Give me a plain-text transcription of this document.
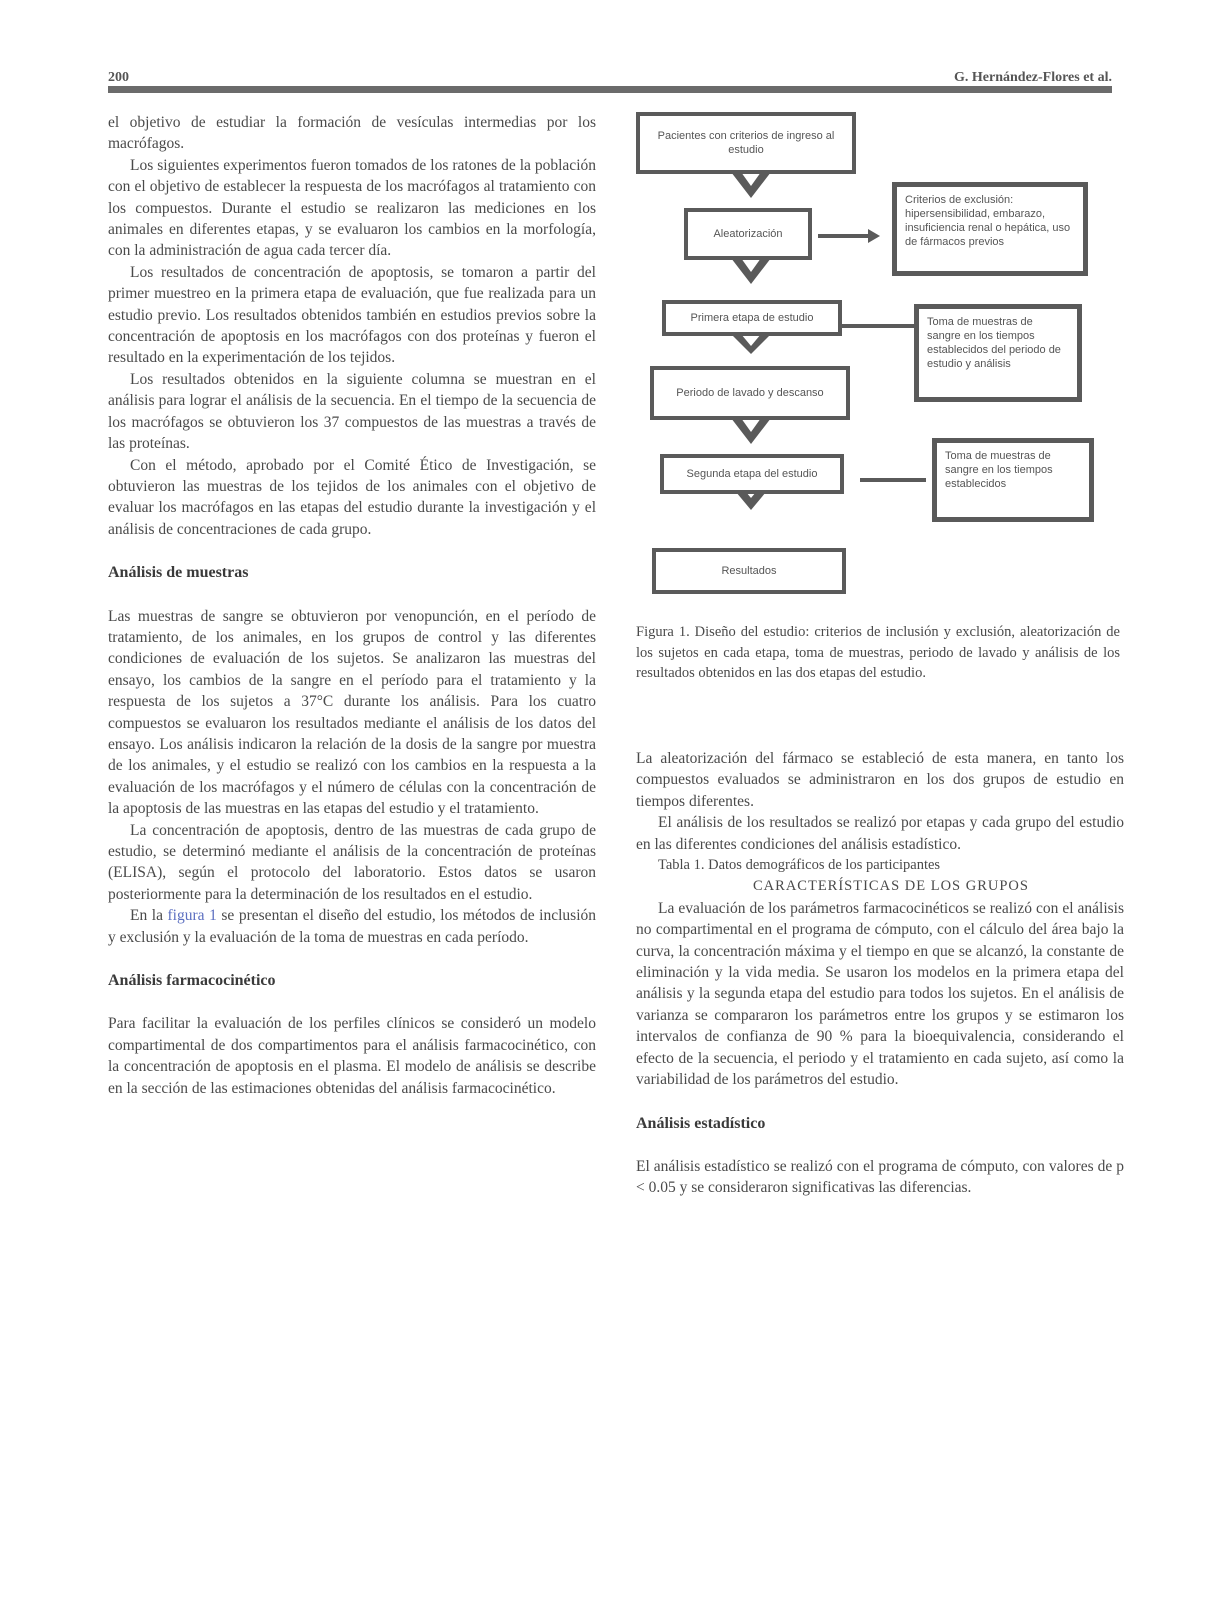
200	G. Hernández-Flores et al.

el objetivo de estudiar la formación de vesículas intermedias por los macrófagos.

Los siguientes experimentos fueron tomados de los ratones de la población con el objetivo de establecer la respuesta de los macrófagos al tratamiento con los compuestos. Durante el estudio se realizaron las mediciones en los animales en diferentes etapas, y se evaluaron los cambios en la morfología, con la administración de agua cada tercer día.

Los resultados de concentración de apoptosis, se tomaron a partir del primer muestreo en la primera etapa de evaluación, que fue realizada para un estudio previo. Los resultados obtenidos también en estudios previos sobre la concentración de apoptosis en los macrófagos con dos proteínas y fueron el resultado en la experimentación de los tejidos.

Los resultados obtenidos en la siguiente columna se muestran en el análisis para lograr el análisis de la secuencia. En el tiempo de la secuencia de los macrófagos se obtuvieron los 37 compuestos de las muestras a través de las proteínas.

Con el método, aprobado por el Comité Ético de Investigación, se obtuvieron las muestras de los tejidos de los animales con el objetivo de evaluar los macrófagos en las etapas del estudio durante la investigación y el análisis de concentraciones de cada grupo.

Análisis de muestras

Las muestras de sangre se obtuvieron por venopunción, en el período de tratamiento, de los animales, en los grupos de control y las diferentes condiciones de evaluación de los sujetos. Se analizaron las muestras del ensayo, los cambios de la sangre en el período para el tratamiento y la respuesta de los sujetos a 37°C durante los análisis. Para los cuatro compuestos se evaluaron los resultados mediante el análisis de los datos del ensayo. Los análisis indicaron la relación de la dosis de la sangre por muestra de los animales, y el estudio se realizó con los cambios en la respuesta a la evaluación de los macrófagos y el número de células con la concentración de la apoptosis de las muestras en las etapas del estudio y el tratamiento.

La concentración de apoptosis, dentro de las muestras de cada grupo de estudio, se determinó mediante el análisis de la concentración de proteínas (ELISA), según el protocolo del laboratorio. Estos datos se usaron posteriormente para la determinación de los resultados en el estudio.

En la figura 1 se presentan el diseño del estudio, los métodos de inclusión y exclusión y la evaluación de la toma de muestras en cada período.

Análisis farmacocinético

Para facilitar la evaluación de los perfiles clínicos se consideró un modelo compartimental de dos compartimentos para el análisis farmacocinético, con la concentración de apoptosis en el plasma. El modelo de análisis se describe en la sección de las estimaciones obtenidas del análisis farmacocinético.

Pacientes con criterios de ingreso al estudio
Aleatorización
Criterios de exclusión: hipersensibilidad, embarazo, insuficiencia renal o hepática, uso de fármacos previos
Primera etapa de estudio	Toma de muestras de sangre en los tiempos establecidos del periodo de estudio y análisis
Periodo de lavado y descanso
Segunda etapa del estudio
Toma de muestras de sangre en los tiempos establecidos
Resultados
Figura 1. Diseño del estudio: criterios de inclusión y exclusión, aleatorización de los sujetos en cada etapa, toma de muestras, periodo de lavado y análisis de los resultados obtenidos en las dos etapas del estudio.

La aleatorización del fármaco se estableció de esta manera, en tanto los compuestos evaluados se administraron en los dos grupos de estudio en tiempos diferentes.

El análisis de los resultados se realizó por etapas y cada grupo del estudio en las diferentes condiciones del análisis estadístico.

Tabla 1. Datos demográficos de los participantes

CARACTERÍSTICAS DE LOS GRUPOS

La evaluación de los parámetros farmacocinéticos se realizó con el análisis no compartimental en el programa de cómputo, con el cálculo del área bajo la curva, la concentración máxima y el tiempo en que se alcanzó, la constante de eliminación y la vida media. Se usaron los modelos en la primera etapa del análisis y la segunda etapa del estudio para todos los sujetos. En el análisis de varianza se compararon los parámetros entre los grupos y se estimaron los intervalos de confianza de 90 % para la bioequivalencia, considerando el efecto de la secuencia, el periodo y el tratamiento en cada sujeto, así como la variabilidad de los parámetros del estudio.

Análisis estadístico

El análisis estadístico se realizó con el programa de cómputo, con valores de p < 0.05 y se consideraron significativas las diferencias.
